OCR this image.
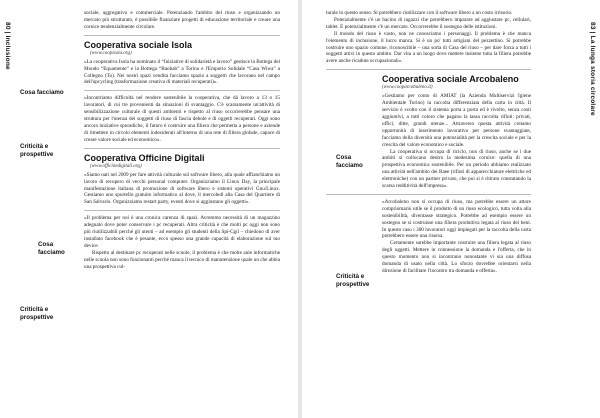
80 | Inclusione	83 | La lunga storia circolare

sociale, aggregativo e commerciale. Potenziando l'ambito del riuso e organizzando un mercato più strutturato, è possibile finanziare progetti di educazione territoriale e creare una cornice tendenzialmente circolare.

Cooperativa sociale Isola

(www.coopisola.org)

«La cooperativa Isola ha nominato il “Iniziative di solidarietà e lavoro” gestisce la Bottega del Mondo “Equamente” e la Bottega “Baobab” a Torino e l'Emporio Solidale “Casa Wiwa” a Collegno (To). Nei nostri spazi vendita facciamo spazio a soggetti che lavorano nel campo dell'upcycling (trasformazione creativa di materiali recuperati)».

«Incontriamo difficoltà nel rendere sostenibile la cooperativa, che dà lavoro a 13 o 15 lavoratori, di cui tre provenienti da situazioni di svantaggio. C'è scarsamente un'attività di sensibilizzazione culturale di questi ambienti e rispetto al riuso occorrerebbe pensare una struttura per l'utenza dei soggetti di riuso di fascia debole e di oggetti recuperati. Oggi sono ancora iniziative sporadiche, il futuro è costruire una filiera che permetta a persone e aziende di rimettere in circolo elementi indesiderati all'interno di una rete di filiera globale, capace di creare valore sociale ed economico».

Cooperativa Officine Digitali

(www.officinedigitali.org)

«Siamo nati nel 2009 per fare attività culturale sul software libero, alla quale affianchiamo un lavoro di recupero di vecchi personal computer. Organizziamo il Linux Day, la principale manifestazione italiana di promozione di software libero e sistemi operativi Gnu/Linux. Gestiamo uno sportello gratuito informatico al dove, il mercoledì alla Casa del Quartiere di San Salvario. Organizziamo restart party, eventi dove si aggiustano gli oggetti».

«Il problema per noi è una cronica carenza di spazi. Avremmo necessità di un magazzino adeguato dove poter conservare i pc recuperati. Altra criticità è che molti pc oggi non sono più riutilizzabili perché gli utenti – ad esempio gli studenti della Spi-Cgil – chiedono di aver installato facebook che è pesante, ecco spesso una grande capacità di elaborazione sul tuo device.

Rispetto al destinare pc recuperati nelle scuole, il problema è che molte aule informatiche nelle scuola non sono funzionanti perché manca il tecnico di manutenzione quale un che abbia una prospettiva cul-

Cosa facciamo
Criticità e prospettive
Cosa facciamo
Criticità e prospettive

turale in questo senso. Si potrebbero riutilizzare con il software libero a un costo irrisorio.

Potenzialmente c'è un bacino di ragazzi che potrebbero imparare ad aggiustare pc, cellulari, tablet. E potenzialmente c'è un mercato. Occorrerebbe il sostegno delle istituzioni.

Il mondo del riuso è vasto, non ne conosciamo i personaggi. Il problema è che manca l'elemento di inclusione, il lucro manca. Si è un po' tutti artigiani del pezzettino. Si potrebbe costruire uno spazio comune, riconoscibile – una sorta di Casa del riuso – per dare forza a tutti i soggetti attivi in questo ambito. Dar vita a un luogo dove mettere insieme tutta la filiera potrebbe avere anche ricadute occupazionali».

Cooperativa sociale Arcobaleno

(www.cooparcobaleno.it)

«Gestiamo per conto di AMIAT (la Azienda Multiservizi Igiene Ambientale Torino) la raccolta differenziata della carta in città. Il servizio è svolto con il sistema porta a porta ed è rivolto, senza costi aggiuntivi, a tutti coloro che pagano la tassa raccolta rifiuti: privati, uffici, ditte, grandi utenze... Attraverso questa attività creiamo opportunità di inserimento lavorativo per persone svantaggiate, facciamo della diversità una potenzialità per la crescita sociale e per la crescita del valore economico e sociale.

La cooperativa si occupa di riciclo, non di riuso, anche se i due ambiti si collocano dentro la medesima cornice: quella di una prospettiva economica sostenibile. Per un periodo abbiamo realizzato una attività nell'ambito dei Raee (rifiuti di apparecchiature elettriche ed elettroniche) con un partner privato, che poi si è ritirato constatando la scarsa redditività dell'impresa».

«Arcobaleno non si occupa di riuso, ma potrebbe essere un attore compriomario utile se il prodotto di un riuso ecologico, tutta volta alla sostenibilità, diventasse strategico. Potrebbe ad esempio essere un sostegno se si costruisse una filiera produttiva legata al riuso dei beni. In questo caso i 300 lavoratori oggi impiegati per la raccolta della carta potrebbero essere una risorsa.

Certamente sarebbe importante costruire una filiera legata al riuso degli oggetti. Mettere in connessione la domanda e l'offerta, che in questo momento non si incontrano nonostante vi sia una diffusa domanda di usato nella città. Lo sforzo dovrebbe orientarsi nella direzione di facilitare l'incontro tra domanda e offerta».

Cosa facciamo
Criticità e prospettive
